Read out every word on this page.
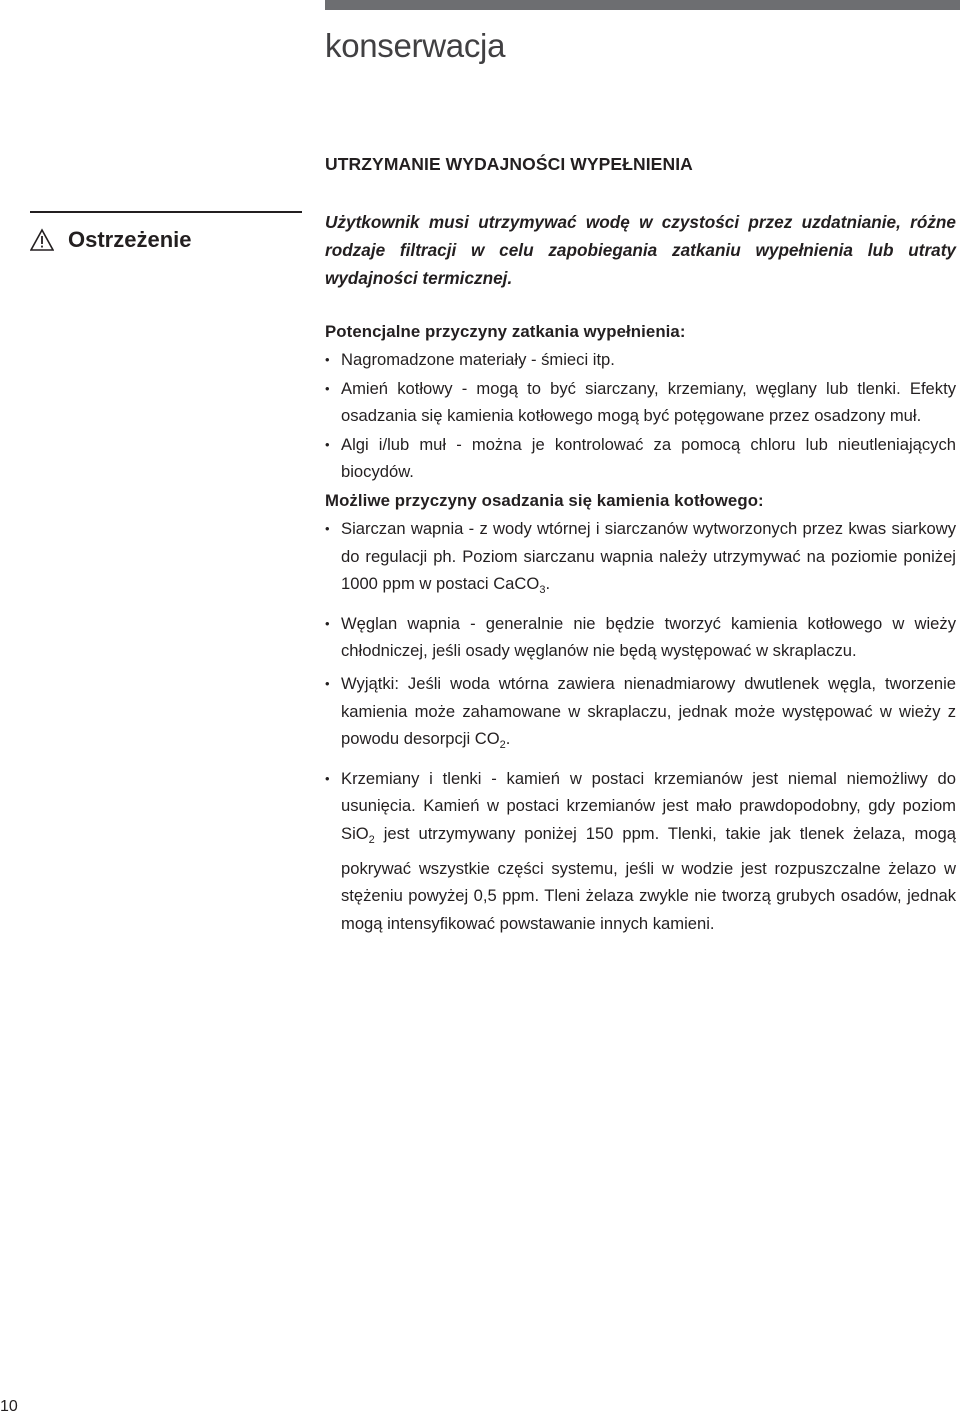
konserwacja
UTRZYMANIE WYDAJNOŚCI WYPEŁNIENIA
Ostrzeżenie

Użytkownik musi utrzymywać wodę w czystości przez uzdatnianie, różne rodzaje filtracji w celu zapobiegania zatkaniu wypełnienia lub utraty wydajności termicznej.

Potencjalne przyczyny zatkania wypełnienia:
• Nagromadzone materiały - śmieci itp.
• Amień kotłowy - mogą to być siarczany, krzemiany, węglany lub tlenki. Efekty osadzania się kamienia kotłowego mogą być potęgowane przez osadzony muł.
• Algi i/lub muł - można je kontrolować za pomocą chloru lub nieutleniających biocydów.
Możliwe przyczyny osadzania się kamienia kotłowego:
• Siarczan wapnia - z wody wtórnej i siarczanów wytworzonych przez kwas siarkowy do regulacji ph. Poziom siarczanu wapnia należy utrzymywać na poziomie poniżej 1000 ppm w postaci CaCO$_3$.
• Węglan wapnia - generalnie nie będzie tworzyć kamienia kotłowego w wieży chłodniczej, jeśli osady węglanów nie będą występować w skraplaczu.
• Wyjątki: Jeśli woda wtórna zawiera nienadmiarowy dwutlenek węgla, tworzenie kamienia może zahamowane w skraplaczu, jednak może występować w wieży z powodu desorpcji $CO_2$.
• Krzemiany i tlenki - kamień w postaci krzemianów jest niemal niemożliwy do usunięcia. Kamień w postaci krzemianów jest mało prawdopodobny, gdy poziom SiO$_2$ jest utrzymywany poniżej 150 ppm. Tlenki, takie jak tlenek żelaza, mogą pokrywać wszystkie części systemu, jeśli w wodzie jest rozpuszczalne żelazo w stężeniu powyżej 0,5 ppm. Tleni żelaza zwykle nie tworzą grubych osadów, jednak mogą intensyfikować powstawanie innych kamieni.
10
